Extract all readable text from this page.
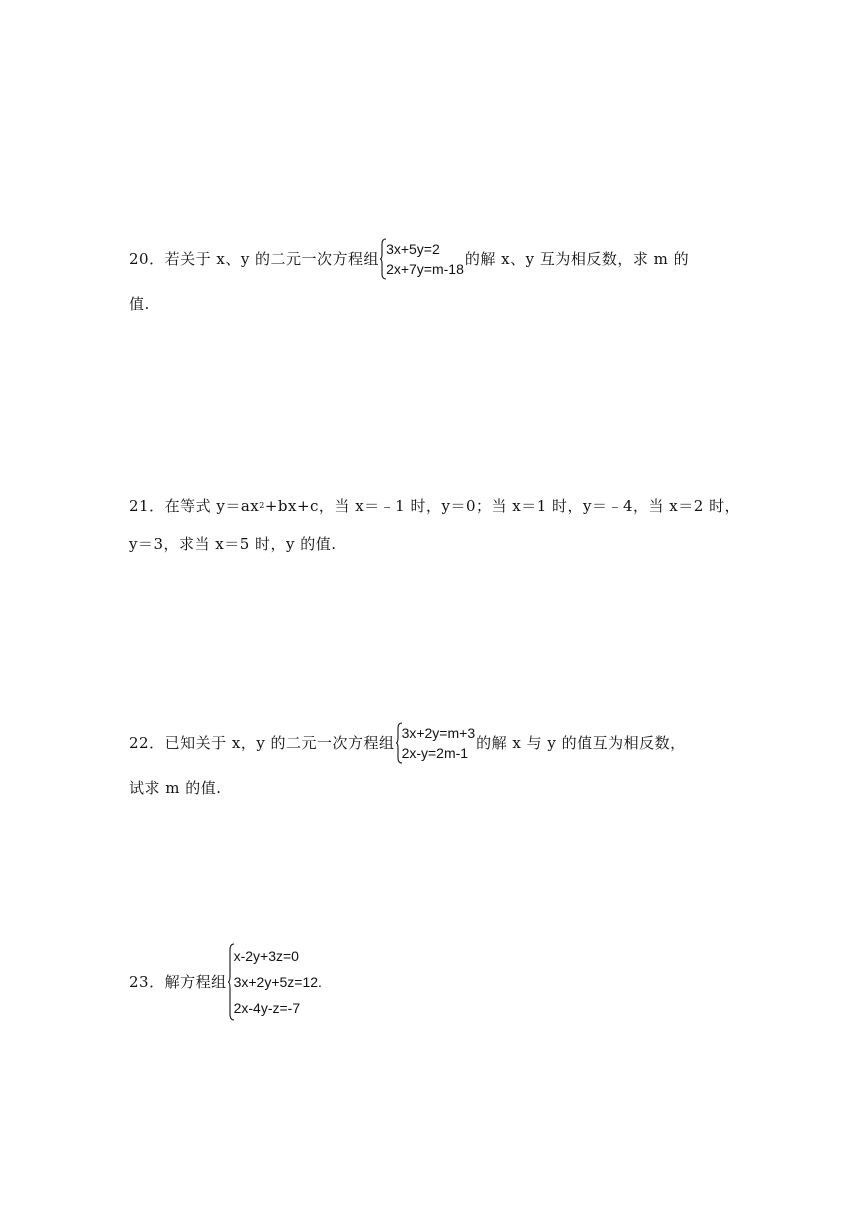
20．若关于 x、y 的二元一次方程组
3x+5y=2
2x+7y=m-18
的解 x、y 互为相反数，求 m 的
值.
21．在等式 y＝ax 2 +bx+c，当 x＝﹣1 时，y＝0；当 x＝1 时，y＝﹣4，当 x＝2 时，
y＝3，求当 x＝5 时，y 的值.
22．已知关于 x，y 的二元一次方程组
3x+2y=m+3
2x-y=2m-1
的解 x 与 y 的值互为相反数，
试求 m 的值.
23．解方程组
x-2y+3z=0
3x+2y+5z=12.
2x-4y-z=-7
